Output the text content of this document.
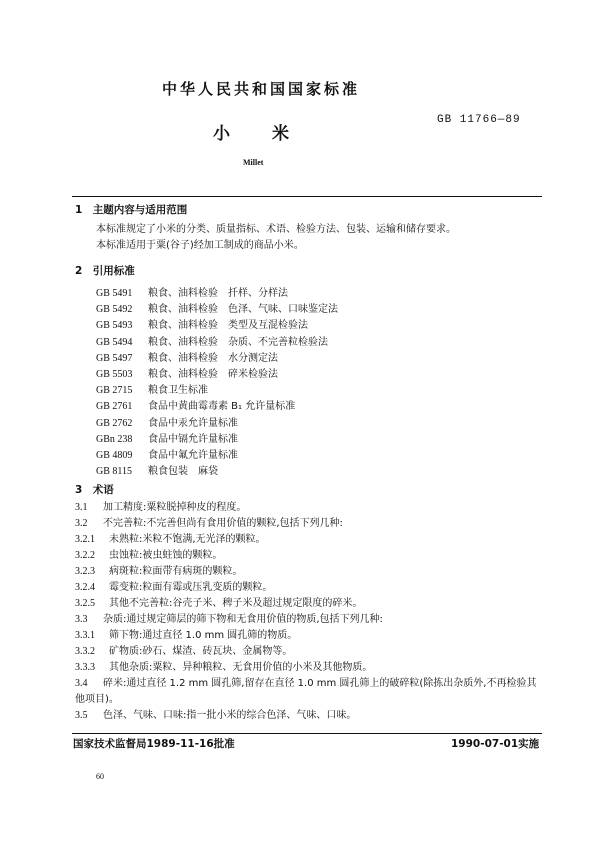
中华人民共和国国家标准
GB 11766—89
小 米
Millet
1　主题内容与适用范围
本标准规定了小米的分类、质量指标、术语、检验方法、包装、运输和储存要求。
本标准适用于粟(谷子)经加工制成的商品小米。
2　引用标准
GB 5491	粮食、油料检验　扦样、分样法
GB 5492	粮食、油料检验　色泽、气味、口味鉴定法
GB 5493	粮食、油料检验　类型及互混检验法
GB 5494	粮食、油料检验　杂质、不完善粒检验法
GB 5497	粮食、油料检验　水分测定法
GB 5503	粮食、油料检验　碎米检验法
GB 2715	粮食卫生标准
GB 2761	食品中黄曲霉毒素 B₁ 允许量标准
GB 2762	食品中汞允许量标准
GBn 238	食品中镉允许量标准
GB 4809	食品中氟允许量标准
GB 8115	粮食包装　麻袋
3　术语
3.1 加工精度:粟粒脱掉种皮的程度。
3.2 不完善粒:不完善但尚有食用价值的颗粒,包括下列几种:
3.2.1 未熟粒:米粒不饱满,无光泽的颗粒。
3.2.2 虫蚀粒:被虫蛀蚀的颗粒。
3.2.3 病斑粒:粒面带有病斑的颗粒。
3.2.4 霉变粒:粒面有霉或压乳变质的颗粒。
3.2.5 其他不完善粒:谷壳子米、稗子米及超过规定限度的碎米。
3.3 杂质:通过规定筛层的筛下物和无食用价值的物质,包括下列几种:
3.3.1 筛下物:通过直径 1.0 mm 圆孔筛的物质。
3.3.2 矿物质:砂石、煤渣、砖瓦块、金属物等。
3.3.3 其他杂质:粟粒、异种粮粒、无食用价值的小米及其他物质。
3.4 碎米:通过直径 1.2 mm 圆孔筛,留存在直径 1.0 mm 圆孔筛上的破碎粒(除拣出杂质外,不再检验其他项目)。
3.5 色泽、气味、口味:指一批小米的综合色泽、气味、口味。
国家技术监督局1989-11-16批准	1990-07-01实施
60
